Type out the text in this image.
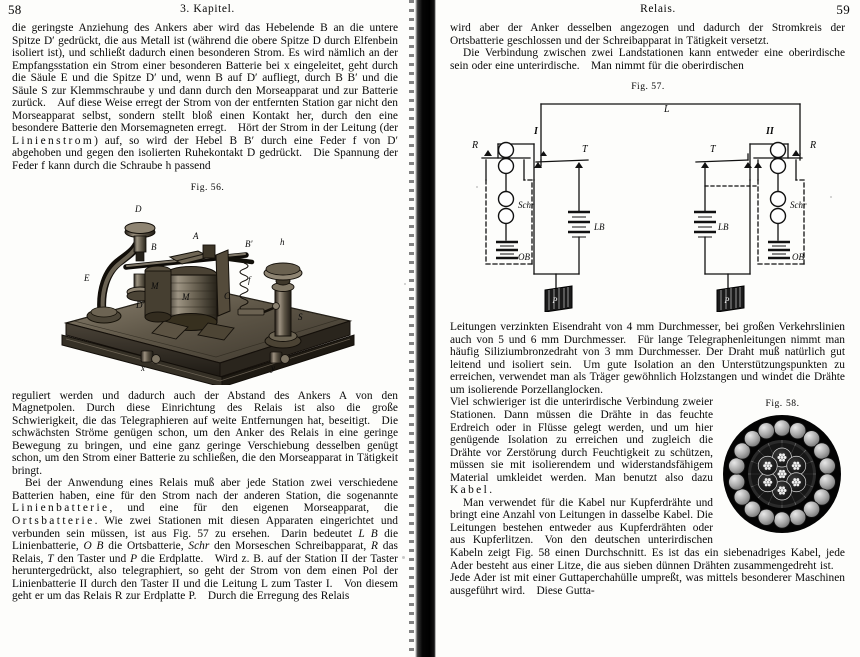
58	3. Kapitel.

die geringste Anziehung des Ankers aber wird das Hebelende B an die untere Spitze D′ gedrückt, die aus Metall ist (während die obere Spitze D durch Elfenbein isoliert ist), und schließt dadurch einen besonderen Strom. Es wird nämlich an der Empfangsstation ein Strom einer besonderen Batterie bei x eingeleitet, geht durch die Säule E und die Spitze D′ und, wenn B auf D′ aufliegt, durch B B′ und die Säule S zur Klemmschraube y und dann durch den Morseapparat und zur Batterie zurück. Auf diese Weise erregt der Strom von der entfernten Station gar nicht den Morseapparat selbst, sondern stellt bloß einen Kontakt her, durch den eine besondere Batterie den Morsemagneten erregt. Hört der Strom in der Leitung (der Linienstrom) auf, so wird der Hebel B B′ durch eine Feder f von D′ abgehoben und gegen den isolierten Ruhekontakt D gedrückt. Die Spannung der Feder f kann durch die Schraube h passend

Fig. 56.
D
B
A
B'	h
E
M
D'
M	C
f
S
x	y

reguliert werden und dadurch auch der Abstand des Ankers A von den Magnetpolen. Durch diese Einrichtung des Relais ist also die große Schwierigkeit, die das Telegraphieren auf weite Entfernungen hat, beseitigt. Die schwächsten Ströme genügen schon, um den Anker des Relais in eine geringe Bewegung zu bringen, und eine ganz geringe Verschiebung desselben genügt schon, um den Strom einer Batterie zu schließen, die den Morseapparat in Tätigkeit bringt.

Bei der Anwendung eines Relais muß aber jede Station zwei verschiedene Batterien haben, eine für den Strom nach der anderen Station, die sogenannte Linienbatterie, und eine für den eigenen Morseapparat, die Ortsbatterie. Wie zwei Stationen mit diesen Apparaten eingerichtet und verbunden sein müssen, ist aus Fig. 57 zu ersehen. Darin bedeutet L B die Linienbatterie, O B die Ortsbatterie, Schr den Morseschen Schreibapparat, R das Relais, T den Taster und P die Erdplatte. Wird z. B. auf der Station II der Taster heruntergedrückt, also telegraphiert, so geht der Strom von dem einen Pol der Linienbatterie II durch den Taster II und die Leitung L zum Taster I. Von diesem geht er um das Relais R zur Erdplatte P. Durch die Erregung des Relais

Relais.	59

wird aber der Anker desselben angezogen und dadurch der Stromkreis der Ortsbatterie geschlossen und der Schreibapparat in Tätigkeit versetzt.

Die Verbindung zwischen zwei Landstationen kann entweder eine oberirdische sein oder eine unterirdische. Man nimmt für die oberirdischen

Fig. 57.
P	P
L
I	II
R	R
T	T
Schr	Schr
OB	OB
LB	LB

Leitungen verzinkten Eisendraht von 4 mm Durchmesser, bei großen Verkehrslinien auch von 5 und 6 mm Durchmesser. Für lange Telegraphenleitungen nimmt man häufig Siliziumbronzedraht von 3 mm Durchmesser. Der Draht muß natürlich gut leitend und isoliert sein. Um gute Isolation an den Unterstützungspunkten zu erreichen, verwendet man als Träger gewöhnlich Holzstangen und windet die Drähte um isolierende Porzellanglocken.

Fig. 58.

Viel schwieriger ist die unterirdische Verbindung zweier Stationen. Dann müssen die Drähte in das feuchte Erdreich oder in Flüsse gelegt werden, und um hier genügende Isolation zu erreichen und zugleich die Drähte vor Zerstörung durch Feuchtigkeit zu schützen, müssen sie mit isolierendem und widerstandsfähigem Material umkleidet werden. Man benutzt also dazu Kabel.

Man verwendet für die Kabel nur Kupferdrähte und bringt eine Anzahl von Leitungen in dasselbe Kabel. Die Leitungen bestehen entweder aus Kupferdrähten oder aus Kupferlitzen. Von den deutschen unterirdischen Kabeln zeigt Fig. 58 einen Durchschnitt. Es ist das ein siebenadriges Kabel, jede Ader besteht aus einer Litze, die aus sieben dünnen Drähten zusammengedreht ist. Jede Ader ist mit einer Guttaperchahülle umpreßt, was mittels besonderer Maschinen ausgeführt wird. Diese Gutta-
